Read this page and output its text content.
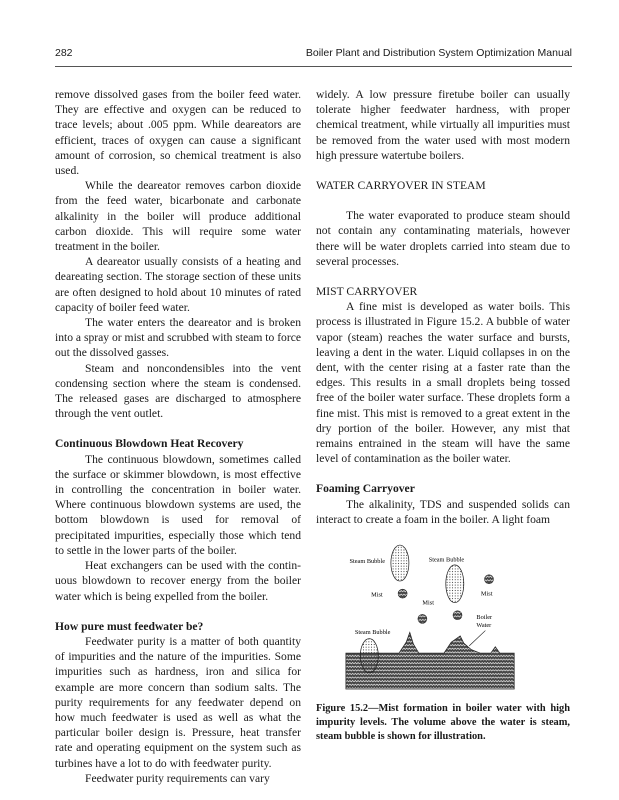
282	Boiler Plant and Distribution System Optimization Manual

remove dissolved gases from the boiler feed water. They are effective and oxygen can be reduced to trace levels; about .005 ppm. While deareators are efficient, traces of oxygen can cause a significant amount of corrosion, so chemical treatment is also used.

While the deareator removes carbon dioxide from the feed water, bicarbonate and carbonate alkalinity in the boiler will produce additional carbon dioxide. This will require some water treatment in the boiler.

A deareator usually consists of a heating and deareating section. The storage section of these units are often designed to hold about 10 minutes of rated capacity of boiler feed water.

The water enters the deareator and is broken into a spray or mist and scrubbed with steam to force out the dissolved gasses.

Steam and noncondensibles into the vent condensing section where the steam is condensed. The released gases are discharged to atmosphere through the vent outlet.

Continuous Blowdown Heat Recovery

The continuous blowdown, sometimes called the surface or skimmer blowdown, is most effective in controlling the concentration in boiler water. Where continuous blowdown systems are used, the bottom blowdown is used for removal of precipitated impurities, especially those which tend to settle in the lower parts of the boiler.

Heat exchangers can be used with the continuous blowdown to recover energy from the boiler water which is being expelled from the boiler.

How pure must feedwater be?

Feedwater purity is a matter of both quantity of impurities and the nature of the impurities. Some impurities such as hardness, iron and silica for example are more concern than sodium salts. The purity requirements for any feedwater depend on how much feedwater is used as well as what the particular boiler design is. Pressure, heat transfer rate and operating equipment on the system such as turbines have a lot to do with feedwater purity.

Feedwater purity requirements can vary

widely. A low pressure firetube boiler can usually tolerate higher feedwater hardness, with proper chemical treatment, while virtually all impurities must be removed from the water used with most modern high pressure watertube boilers.

WATER CARRYOVER IN STEAM

The water evaporated to produce steam should not contain any contaminating materials, however there will be water droplets carried into steam due to several processes.

MIST CARRYOVER

A fine mist is developed as water boils. This process is illustrated in Figure 15.2. A bubble of water vapor (steam) reaches the water surface and bursts, leaving a dent in the water. Liquid collapses in on the dent, with the center rising at a faster rate than the edges. This results in a small droplets being tossed free of the boiler water surface. These droplets form a fine mist. This mist is removed to a great extent in the dry portion of the boiler. However, any mist that remains entrained in the steam will have the same level of contamination as the boiler water.

Foaming Carryover

The alkalinity, TDS and suspended solids can interact to create a foam in the boiler. A light foam

Steam Bubble	Steam Bubble
Steam Bubble
Mist
Mist
Mist
Boiler
Water
Figure 15.2—Mist formation in boiler water with high impurity levels. The volume above the water is steam, steam bubble is shown for illustration.
